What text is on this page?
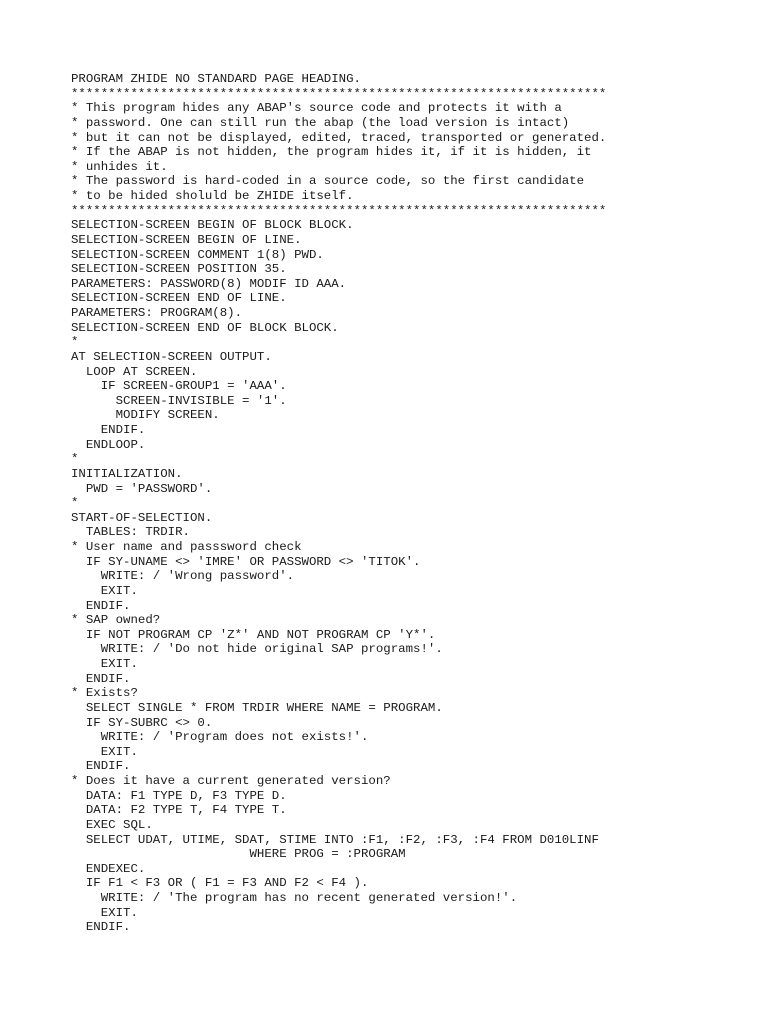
PROGRAM ZHIDE NO STANDARD PAGE HEADING.
************************************************************************
* This program hides any ABAP's source code and protects it with a
* password. One can still run the abap (the load version is intact)
* but it can not be displayed, edited, traced, transported or generated.
* If the ABAP is not hidden, the program hides it, if it is hidden, it
* unhides it.
* The password is hard-coded in a source code, so the first candidate
* to be hided sholuld be ZHIDE itself.
************************************************************************
SELECTION-SCREEN BEGIN OF BLOCK BLOCK.
SELECTION-SCREEN BEGIN OF LINE.
SELECTION-SCREEN COMMENT 1(8) PWD.
SELECTION-SCREEN POSITION 35.
PARAMETERS: PASSWORD(8) MODIF ID AAA.
SELECTION-SCREEN END OF LINE.
PARAMETERS: PROGRAM(8).
SELECTION-SCREEN END OF BLOCK BLOCK.
*
AT SELECTION-SCREEN OUTPUT.
LOOP AT SCREEN.
IF SCREEN-GROUP1 = 'AAA'.
SCREEN-INVISIBLE = '1'.
MODIFY SCREEN.
ENDIF.
ENDLOOP.
*
INITIALIZATION.
PWD = 'PASSWORD'.
*
START-OF-SELECTION.
TABLES: TRDIR.
* User name and passsword check
IF SY-UNAME <> 'IMRE' OR PASSWORD <> 'TITOK'.
WRITE: / 'Wrong password'.
EXIT.
ENDIF.
* SAP owned?
IF NOT PROGRAM CP 'Z*' AND NOT PROGRAM CP 'Y*'.
WRITE: / 'Do not hide original SAP programs!'.
EXIT.
ENDIF.
* Exists?
SELECT SINGLE * FROM TRDIR WHERE NAME = PROGRAM.
IF SY-SUBRC <> 0.
WRITE: / 'Program does not exists!'.
EXIT.
ENDIF.
* Does it have a current generated version?
DATA: F1 TYPE D, F3 TYPE D.
DATA: F2 TYPE T, F4 TYPE T.
EXEC SQL.
SELECT UDAT, UTIME, SDAT, STIME INTO :F1, :F2, :F3, :F4 FROM D010LINF
WHERE PROG = :PROGRAM
ENDEXEC.
IF F1 < F3 OR ( F1 = F3 AND F2 < F4 ).
WRITE: / 'The program has no recent generated version!'.
EXIT.
ENDIF.
